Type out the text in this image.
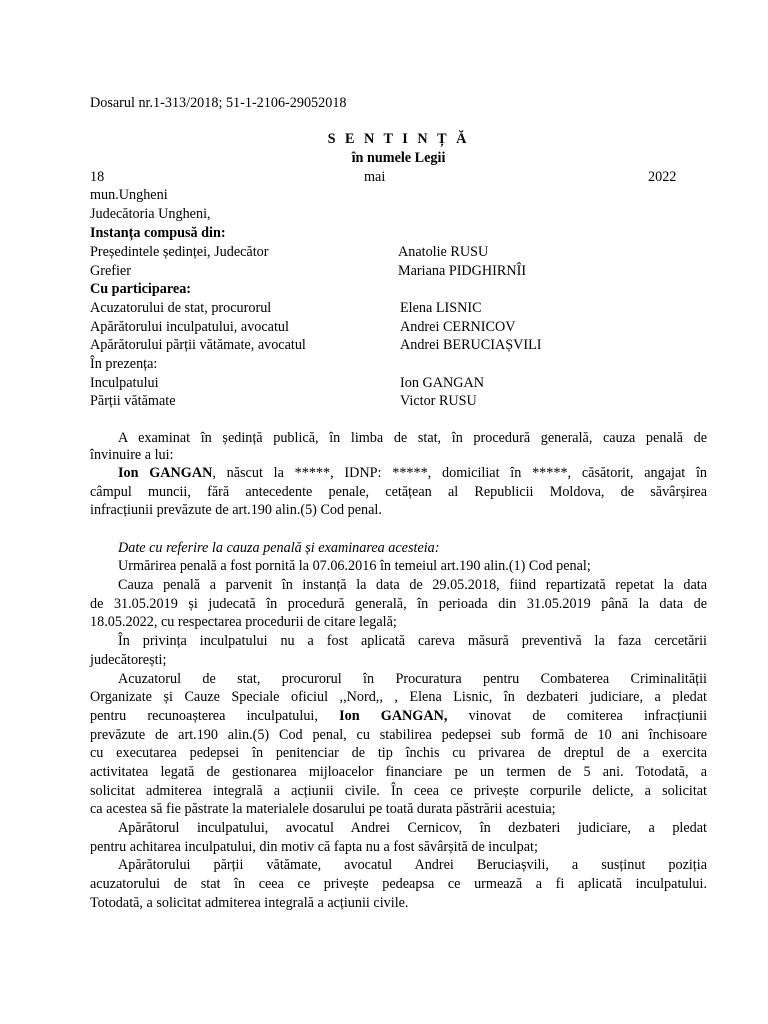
Dosarul nr.1-313/2018; 51-1-2106-29052018
S E N T I N Ț Ă
în numele Legii
18	mai	2022
mun.Ungheni
Judecătoria Ungheni,
Instanța compusă din:
Președintele ședinței, Judecător	Anatolie RUSU
Grefier	Mariana PIDGHIRNÎI
Cu participarea:
Acuzatorului de stat, procurorul	Elena LISNIC
Apărătorului inculpatului, avocatul	Andrei CERNICOV
Apărătorului părții vătămate, avocatul	Andrei BERUCIAȘVILI
În prezența:
Inculpatului	Ion GANGAN
Părții vătămate	Victor RUSU
A examinat în ședință publică, în limba de stat, în procedură generală, cauza penală de
învinuire a lui:
Ion GANGAN, născut la *****, IDNP: *****, domiciliat în *****, căsătorit, angajat în
câmpul muncii, fără antecedente penale, cetățean al Republicii Moldova, de săvârșirea
infracțiunii prevăzute de art.190 alin.(5) Cod penal.
Date cu referire la cauza penală și examinarea acesteia:
Urmărirea penală a fost pornită la 07.06.2016 în temeiul art.190 alin.(1) Cod penal;
Cauza penală a parvenit în instanță la data de 29.05.2018, fiind repartizată repetat la data
de 31.05.2019 și judecată în procedură generală, în perioada din 31.05.2019 până la data de
18.05.2022, cu respectarea procedurii de citare legală;
În privința inculpatului nu a fost aplicată careva măsură preventivă la faza cercetării
judecătorești;
Acuzatorul de stat, procurorul în Procuratura pentru Combaterea Criminalității
Organizate și Cauze Speciale oficiul ,,Nord,, , Elena Lisnic, în dezbateri judiciare, a pledat
pentru recunoașterea inculpatului, Ion GANGAN, vinovat de comiterea infracțiunii
prevăzute de art.190 alin.(5) Cod penal, cu stabilirea pedepsei sub formă de 10 ani închisoare
cu executarea pedepsei în penitenciar de tip închis cu privarea de dreptul de a exercita
activitatea legată de gestionarea mijloacelor financiare pe un termen de 5 ani. Totodată, a
solicitat admiterea integrală a acțiunii civile. În ceea ce privește corpurile delicte, a solicitat
ca acestea să fie păstrate la materialele dosarului pe toată durata păstrării acestuia;
Apărătorul inculpatului, avocatul Andrei Cernicov, în dezbateri judiciare, a pledat
pentru achitarea inculpatului, din motiv că fapta nu a fost săvârșită de inculpat;
Apărătorului părții vătămate, avocatul Andrei Beruciașvili, a susținut poziția
acuzatorului de stat în ceea ce privește pedeapsa ce urmează a fi aplicată inculpatului.
Totodată, a solicitat admiterea integrală a acțiunii civile.
